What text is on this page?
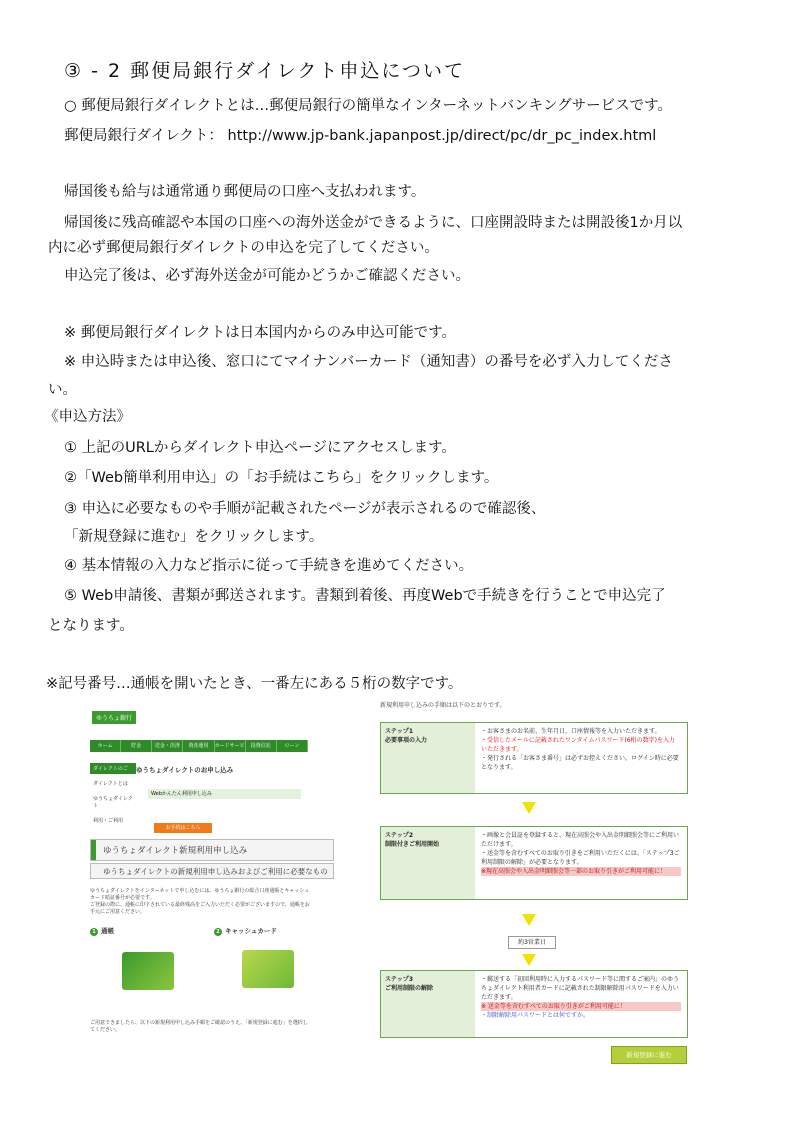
③ - 2 郵便局銀行ダイレクト申込について
○ 郵便局銀行ダイレクトとは…郵便局銀行の簡単なインターネットバンキングサービスです。
郵便局銀行ダイレクト： http://www.jp-bank.japanpost.jp/direct/pc/dr_pc_index.html
帰国後も給与は通常通り郵便局の口座へ支払われます。
帰国後に残高確認や本国の口座への海外送金ができるように、口座開設時または開設後1か月以
内に必ず郵便局銀行ダイレクトの申込を完了してください。
申込完了後は、必ず海外送金が可能かどうかご確認ください。
※ 郵便局銀行ダイレクトは日本国内からのみ申込可能です。
※ 申込時または申込後、窓口にてマイナンバーカード（通知書）の番号を必ず入力してくださ
い。
《申込方法》
① 上記のURLからダイレクト申込ページにアクセスします。
②「Web簡単利用申込」の「お手続はこちら」をクリックします。
③ 申込に必要なものや手順が記載されたページが表示されるので確認後、
「新規登録に進む」をクリックします。
④ 基本情報の入力など指示に従って手続きを進めてください。
⑤ Web申請後、書類が郵送されます。書類到着後、再度Webで手続きを行うことで申込完了
となります。
※記号番号…通帳を開いたとき、一番左にある５桁の数字です。
ゆうちょ銀行
ホーム	貯金	送金・決済	資産運用	カードサービス
投資信託	ローン
ダイレクトのご
ダイレクトとは
ゆうちょダイレクト
利用・ご利用
ゆうちょダイレクトのお申し込み
Webかんたん利用申し込み
お手続はこちら
ゆうちょダイレクト新規利用申し込み
ゆうちょダイレクトの新規利用申し込みおよびご利用に必要なもの
ゆうちょダイレクトをインターネットで申し込むには、ゆうちょ銀行の総合口座通帳とキャッシュ
カード暗証番号が必要です。
ご登録の際に、通帳に印字されている最終残高をご入力いただく必要がございますので、通帳をお
手元にご用意ください。
1 通帳	2 キャッシュカード
ご用意できましたら、以下の新規利用申し込み手順をご確認のうえ、「新規登録に進む」を選択し
てください。
新規利用申し込みの手順は以下のとおりです。
ステップ1
必要事項の入力
・お客さまのお名前、生年月日、口座情報等を入力いただきます。
・受信したメールに記載されたワンタイムパスワード(6桁の数字)を入力いただきます。
・発行される「お客さま番号」は必ずお控えください。ログイン時に必要となります。
ステップ2
制限付きご利用開始
・画像と会員証を登録すると、現在高照会や入出金明細照会等にご利用いただけます。
・送金等を含むすべてのお取り引きをご利用いただくには、「ステップ3ご利用制限の解除」が必要となります。
※現在高照会や入出金明細照会等一部のお取り引きがご利用可能に！
約3営業日
ステップ3
ご利用制限の解除
・郵送する「初回利用時に入力するパスワード等に関するご案内」のゆうちょダイレクト利用者カードに記載された制限解除用パスワードを入力いただきます。
※ 送金等を含むすべてのお取り引きがご利用可能に！
・制限解除用パスワードとは何ですか。
新規登録に進む
